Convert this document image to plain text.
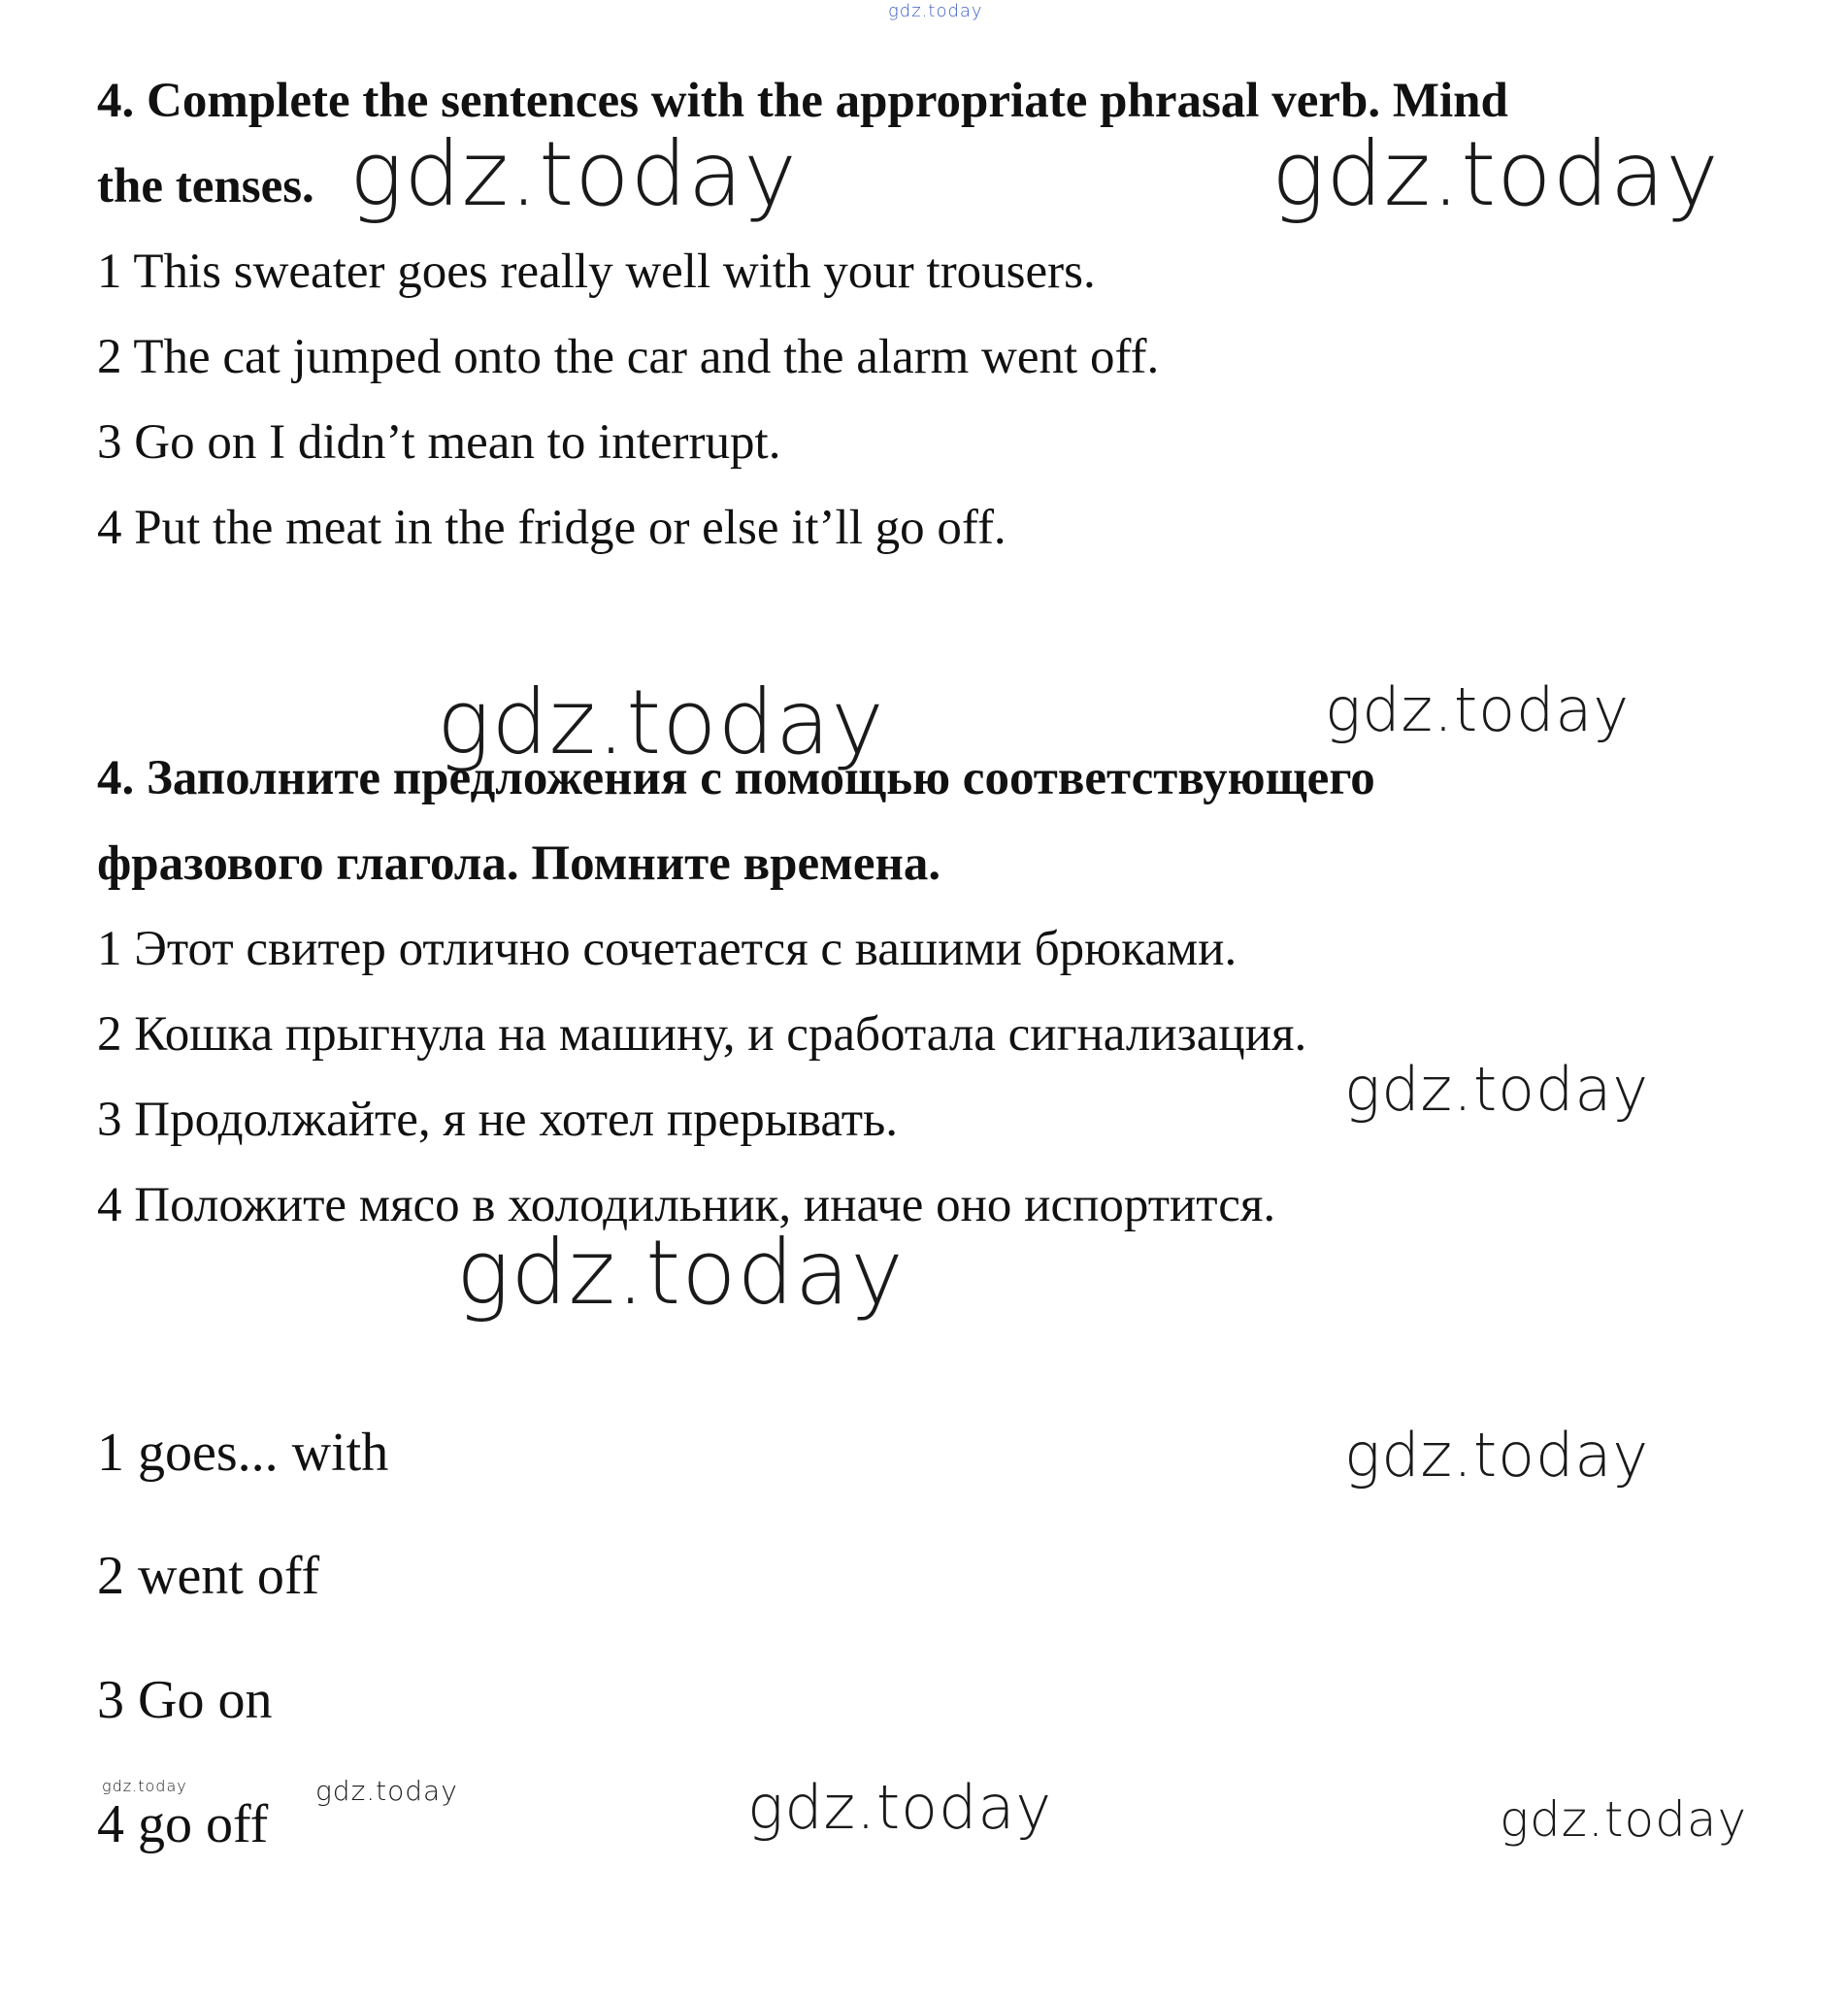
gdz.today
4. Complete the sentences with the appropriate phrasal verb. Mind
the tenses.
1 This sweater goes really well with your trousers.
2 The cat jumped onto the car and the alarm went off.
3 Go on I didn’t mean to interrupt.
4 Put the meat in the fridge or else it’ll go off.
4. Заполните предложения с помощью соответствующего
фразового глагола. Помните времена.
1 Этот свитер отлично сочетается с вашими брюками.
2 Кошка прыгнула на машину, и сработала сигнализация.
3 Продолжайте, я не хотел прерывать.
4 Положите мясо в холодильник, иначе оно испортится.
1 goes... with
2 went off
3 Go on
4 go off
gdz.today	gdz.today
gdz.today	gdz.today
gdz.today
gdz.today
gdz.today
gdz.today	gdz.today	gdz.today	gdz.today
